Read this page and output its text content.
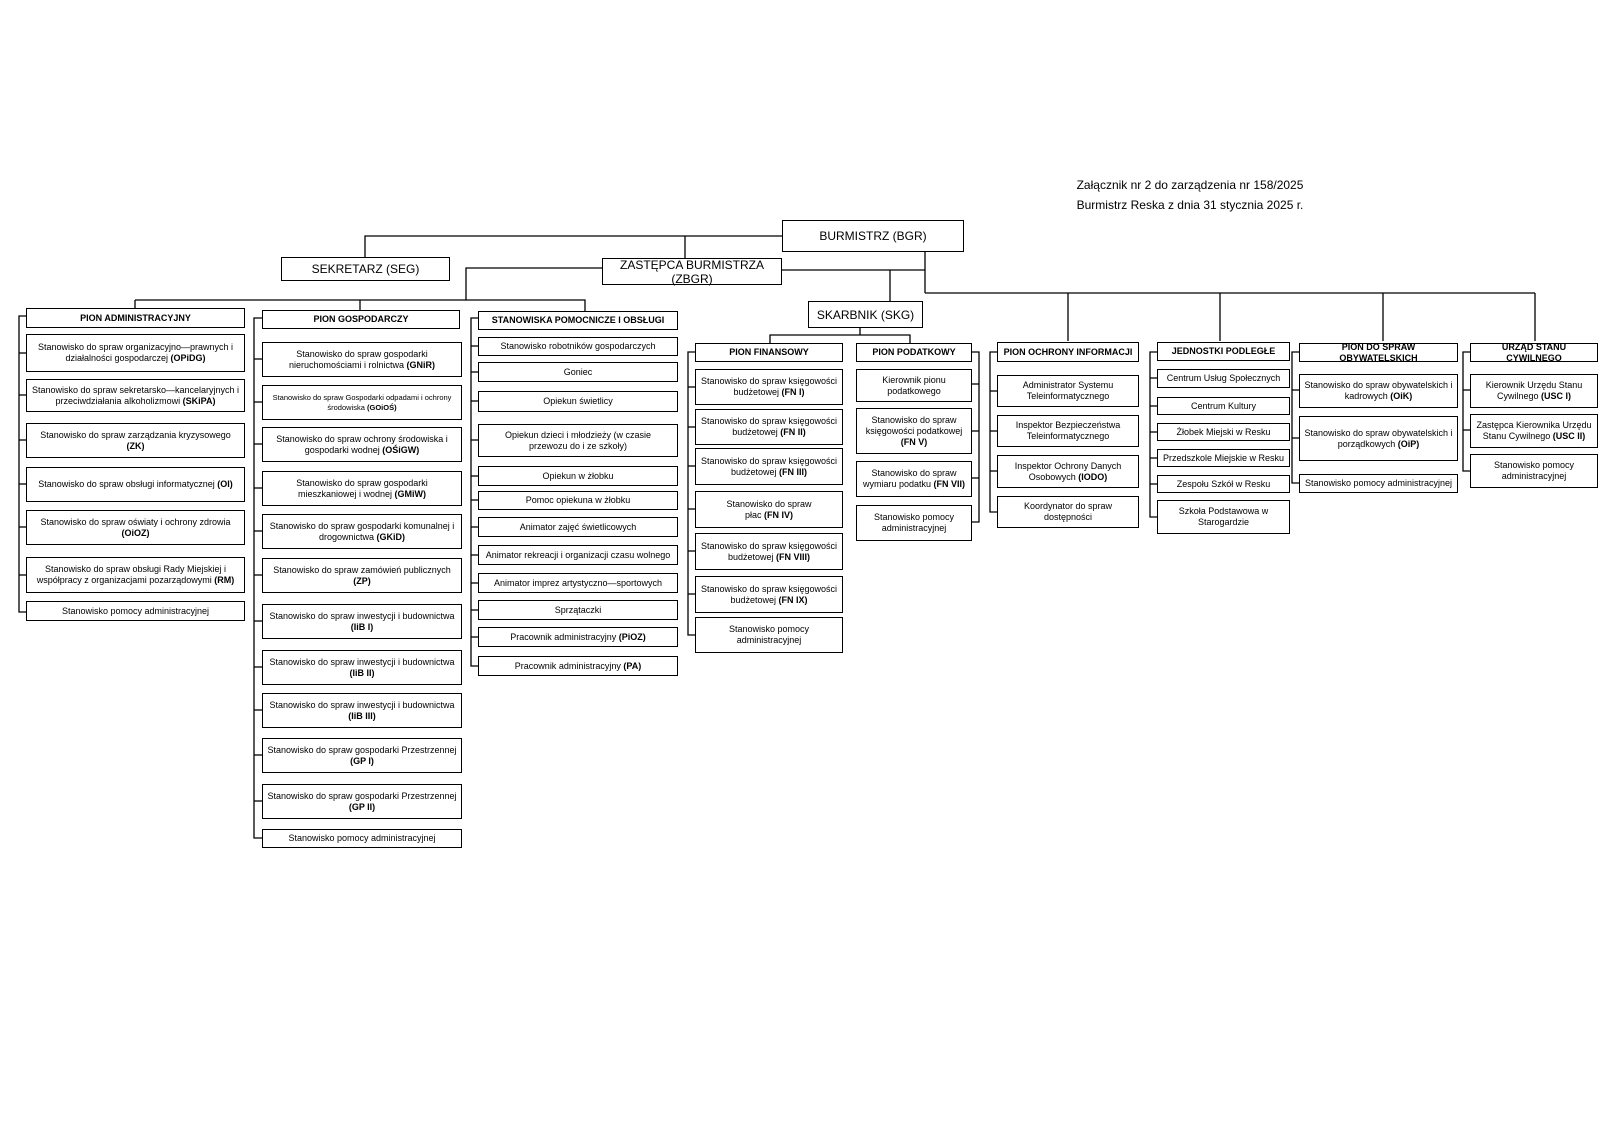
Załącznik nr 2 do zarządzenia nr 158/2025
Burmistrz Reska z dnia 31 stycznia 2025 r.
BURMISTRZ (BGR)
SEKRETARZ (SEG)	ZASTĘPCA BURMISTRZA (ZBGR)
SKARBNIK (SKG)
PION ADMINISTRACYJNY
Stanowisko do spraw organizacyjno—prawnych i działalności gospodarczej (OPiDG)
Stanowisko do spraw sekretarsko—kancelaryjnych i przeciwdziałania alkoholizmowi (SKiPA)
Stanowisko do spraw zarządzania kryzysowego (ZK)
Stanowisko do spraw obsługi informatycznej (OI)
Stanowisko do spraw oświaty i ochrony zdrowia (OiOZ)
Stanowisko do spraw obsługi Rady Miejskiej i współpracy z organizacjami pozarządowymi (RM)
Stanowisko pomocy administracyjnej
PION GOSPODARCZY
Stanowisko do spraw gospodarki nieruchomościami i rolnictwa (GNiR)
Stanowisko do spraw Gospodarki odpadami i ochrony środowiska (GOiOŚ)
Stanowisko do spraw ochrony środowiska i gospodarki wodnej (OŚiGW)
Stanowisko do spraw gospodarki mieszkaniowej i wodnej (GMiW)
Stanowisko do spraw gospodarki komunalnej i drogownictwa (GKiD)
Stanowisko do spraw zamówień publicznych (ZP)
Stanowisko do spraw inwestycji i budownictwa (IiB I)
Stanowisko do spraw inwestycji i budownictwa (IiB II)
Stanowisko do spraw inwestycji i budownictwa (IiB III)
Stanowisko do spraw gospodarki Przestrzennej (GP I)
Stanowisko do spraw gospodarki Przestrzennej (GP II)
Stanowisko pomocy administracyjnej
STANOWISKA POMOCNICZE I OBSŁUGI
Stanowisko robotników gospodarczych
Goniec
Opiekun świetlicy
Opiekun dzieci i młodzieży (w czasie przewozu do i ze szkoły)
Opiekun w żłobku
Pomoc opiekuna w żłobku
Animator zajęć świetlicowych
Animator rekreacji i organizacji czasu wolnego
Animator imprez artystyczno—sportowych
Sprzątaczki
Pracownik administracyjny (PiOZ)
Pracownik administracyjny (PA)
PION FINANSOWY
Stanowisko do spraw księgowości budżetowej (FN I)
Stanowisko do spraw księgowości budżetowej (FN II)
Stanowisko do spraw księgowości budżetowej (FN III)
Stanowisko do spraw płac (FN IV)
Stanowisko do spraw księgowości budżetowej (FN VIII)
Stanowisko do spraw księgowości budżetowej (FN IX)
Stanowisko pomocy administracyjnej
PION PODATKOWY
Kierownik pionu podatkowego
Stanowisko do spraw księgowości podatkowej (FN V)
Stanowisko do spraw wymiaru podatku (FN VII)
Stanowisko pomocy administracyjnej
PION OCHRONY INFORMACJI
Administrator Systemu Teleinformatycznego
Inspektor Bezpieczeństwa Teleinformatycznego
Inspektor Ochrony Danych Osobowych (IODO)
Koordynator do spraw dostępności
JEDNOSTKI PODLEGŁE
Centrum Usług Społecznych
Centrum Kultury
Żłobek Miejski w Resku
Przedszkole Miejskie w Resku
Zespołu Szkół w Resku
Szkoła Podstawowa w Starogardzie
PION DO SPRAW OBYWATELSKICH
Stanowisko do spraw obywatelskich i kadrowych (OiK)
Stanowisko do spraw obywatelskich i porządkowych (OiP)
Stanowisko pomocy administracyjnej
URZĄD STANU CYWILNEGO
Kierownik Urzędu Stanu Cywilnego (USC I)
Zastępca Kierownika Urzędu Stanu Cywilnego (USC II)
Stanowisko pomocy administracyjnej
